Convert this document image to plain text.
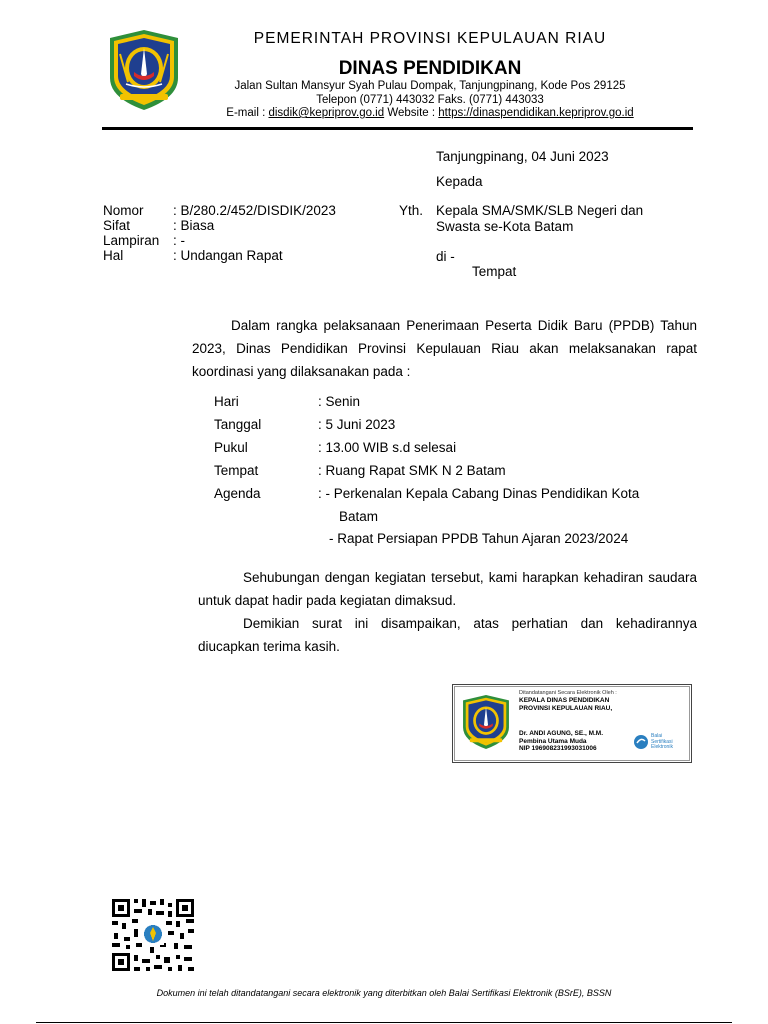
PEMERINTAH PROVINSI KEPULAUAN RIAU
DINAS PENDIDIKAN
Jalan Sultan Mansyur Syah Pulau Dompak, Tanjungpinang, Kode Pos 29125
Telepon (0771) 443032 Faks. (0771) 443033
E-mail : disdik@kepriprov.go.id Website : https://dinaspendidikan.kepriprov.go.id
Tanjungpinang, 04 Juni 2023
Kepada
Nomor : B/280.2/452/DISDIK/2023
Sifat	: Biasa
Lampiran : -
Hal	: Undangan Rapat
Yth. Kepala SMA/SMK/SLB Negeri dan
Swasta se-Kota Batam
di -
Tempat
Dalam rangka pelaksanaan Penerimaan Peserta Didik Baru (PPDB) Tahun 2023, Dinas Pendidikan Provinsi Kepulauan Riau akan melaksanakan rapat koordinasi yang dilaksanakan pada :
Hari	: Senin
Tanggal	: 5 Juni 2023
Pukul	: 13.00 WIB s.d selesai
Tempat	: Ruang Rapat SMK N 2 Batam
Agenda	: - Perkenalan Kepala Cabang Dinas Pendidikan Kota
Batam
- Rapat Persiapan PPDB Tahun Ajaran 2023/2024
Sehubungan dengan kegiatan tersebut, kami harapkan kehadiran saudara untuk dapat hadir pada kegiatan dimaksud.
Demikian surat ini disampaikan, atas perhatian dan kehadirannya diucapkan terima kasih.
Ditandatangani Secara Elektronik Oleh :
KEPALA DINAS PENDIDIKAN
PROVINSI KEPULAUAN RIAU,
Dr. ANDI AGUNG, SE., M.M.
Pembina Utama Muda
NIP 196908231993031006
Balai
Sertifikasi
Elektronik
Dokumen ini telah ditandatangani secara elektronik yang diterbitkan oleh Balai Sertifikasi Elektronik (BSrE), BSSN
